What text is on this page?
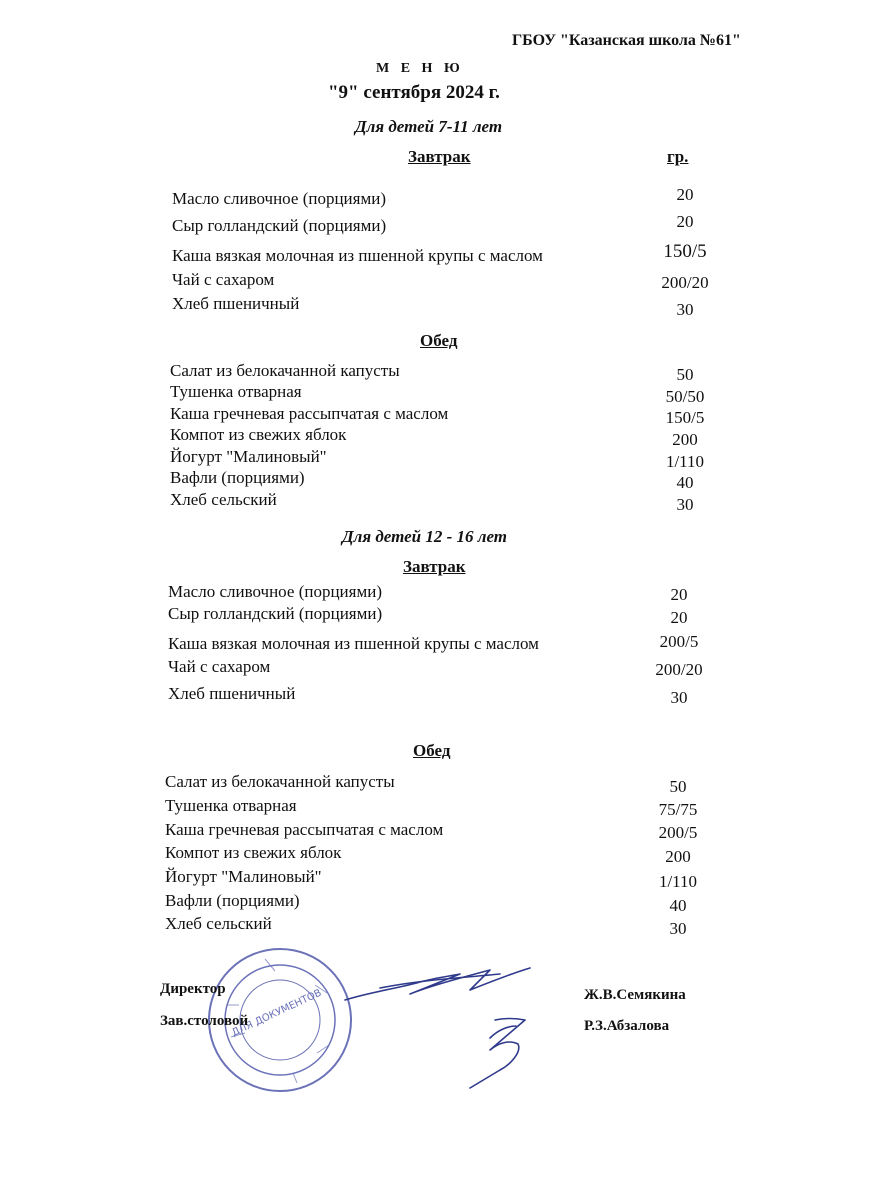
ГБОУ "Казанская школа №61"
М Е Н Ю
"9" сентября 2024 г.
Для детей 7-11 лет
Завтрак	гр.
Масло сливочное (порциями)	20
Сыр голландский (порциями)	20
Каша вязкая молочная из пшенной крупы с маслом	150/5
Чай с сахаром	200/20
Хлеб пшеничный	30
Обед
Салат из белокачанной капусты	50
Тушенка отварная	50/50
Каша гречневая рассыпчатая с маслом	150/5
Компот из свежих яблок	200
Йогурт "Малиновый"	1/110
Вафли (порциями)	40
Хлеб сельский	30
Для детей 12 - 16 лет
Завтрак
Масло сливочное (порциями)	20
Сыр голландский (порциями)	20
Каша вязкая молочная из пшенной крупы с маслом	200/5
Чай с сахаром	200/20
Хлеб пшеничный	30
Обед
Салат из белокачанной капусты	50
Тушенка отварная	75/75
Каша гречневая рассыпчатая с маслом	200/5
Компот из свежих яблок	200
Йогурт "Малиновый"	1/110
Вафли (порциями)	40
Хлеб сельский	30
ДЛЯ ДОКУМЕНТОВ
Директор	Ж.В.Семякина
Зав.столовой	Р.З.Абзалова
